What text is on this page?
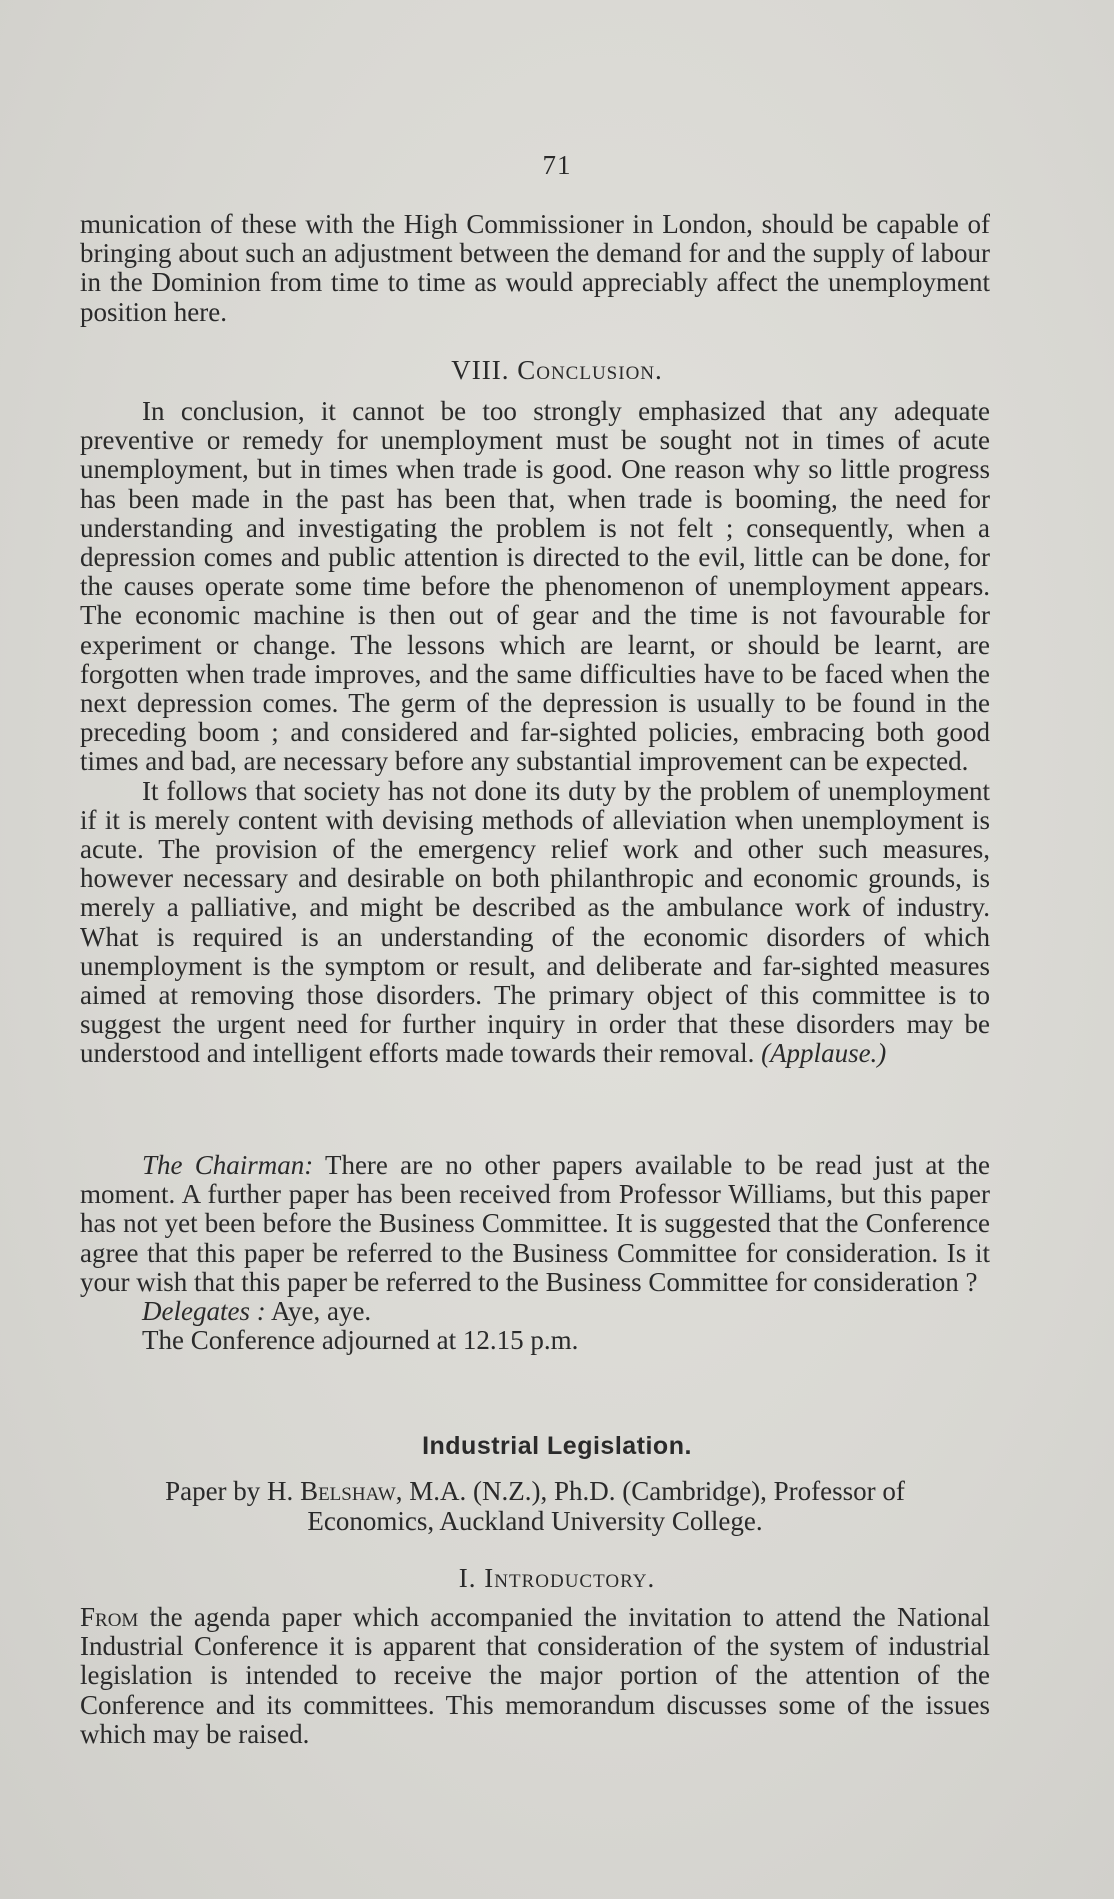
71

munication of these with the High Commissioner in London, should be capable of bringing about such an adjustment between the demand for and the supply of labour in the Dominion from time to time as would appreciably affect the unemployment position here.

VIII. Conclusion.

In conclusion, it cannot be too strongly emphasized that any adequate preventive or remedy for unemployment must be sought not in times of acute unemployment, but in times when trade is good. One reason why so little progress has been made in the past has been that, when trade is booming, the need for understanding and investigating the problem is not felt ; consequently, when a depression comes and public attention is directed to the evil, little can be done, for the causes operate some time before the phenomenon of unemployment appears. The economic machine is then out of gear and the time is not favourable for experiment or change. The lessons which are learnt, or should be learnt, are forgotten when trade improves, and the same difficulties have to be faced when the next depression comes. The germ of the depression is usually to be found in the preceding boom ; and considered and far-sighted policies, embracing both good times and bad, are necessary before any substantial improvement can be expected.

It follows that society has not done its duty by the problem of unemployment if it is merely content with devising methods of alleviation when unemployment is acute. The provision of the emergency relief work and other such measures, however necessary and desirable on both philanthropic and economic grounds, is merely a palliative, and might be described as the ambulance work of industry. What is required is an understanding of the economic disorders of which unemployment is the symptom or result, and deliberate and far-sighted measures aimed at removing those disorders. The primary object of this committee is to suggest the urgent need for further inquiry in order that these disorders may be understood and intelligent efforts made towards their removal. (Applause.)

The Chairman: There are no other papers available to be read just at the moment. A further paper has been received from Professor Williams, but this paper has not yet been before the Business Committee. It is suggested that the Conference agree that this paper be referred to the Business Committee for consideration. Is it your wish that this paper be referred to the Business Committee for consideration ?

Delegates : Aye, aye.

The Conference adjourned at 12.15 p.m.

Industrial Legislation.
Paper by H. Belshaw, M.A. (N.Z.), Ph.D. (Cambridge), Professor of
Economics, Auckland University College.
I. Introductory.

From the agenda paper which accompanied the invitation to attend the National Industrial Conference it is apparent that consideration of the system of industrial legislation is intended to receive the major portion of the attention of the Conference and its committees. This memorandum discusses some of the issues which may be raised.
